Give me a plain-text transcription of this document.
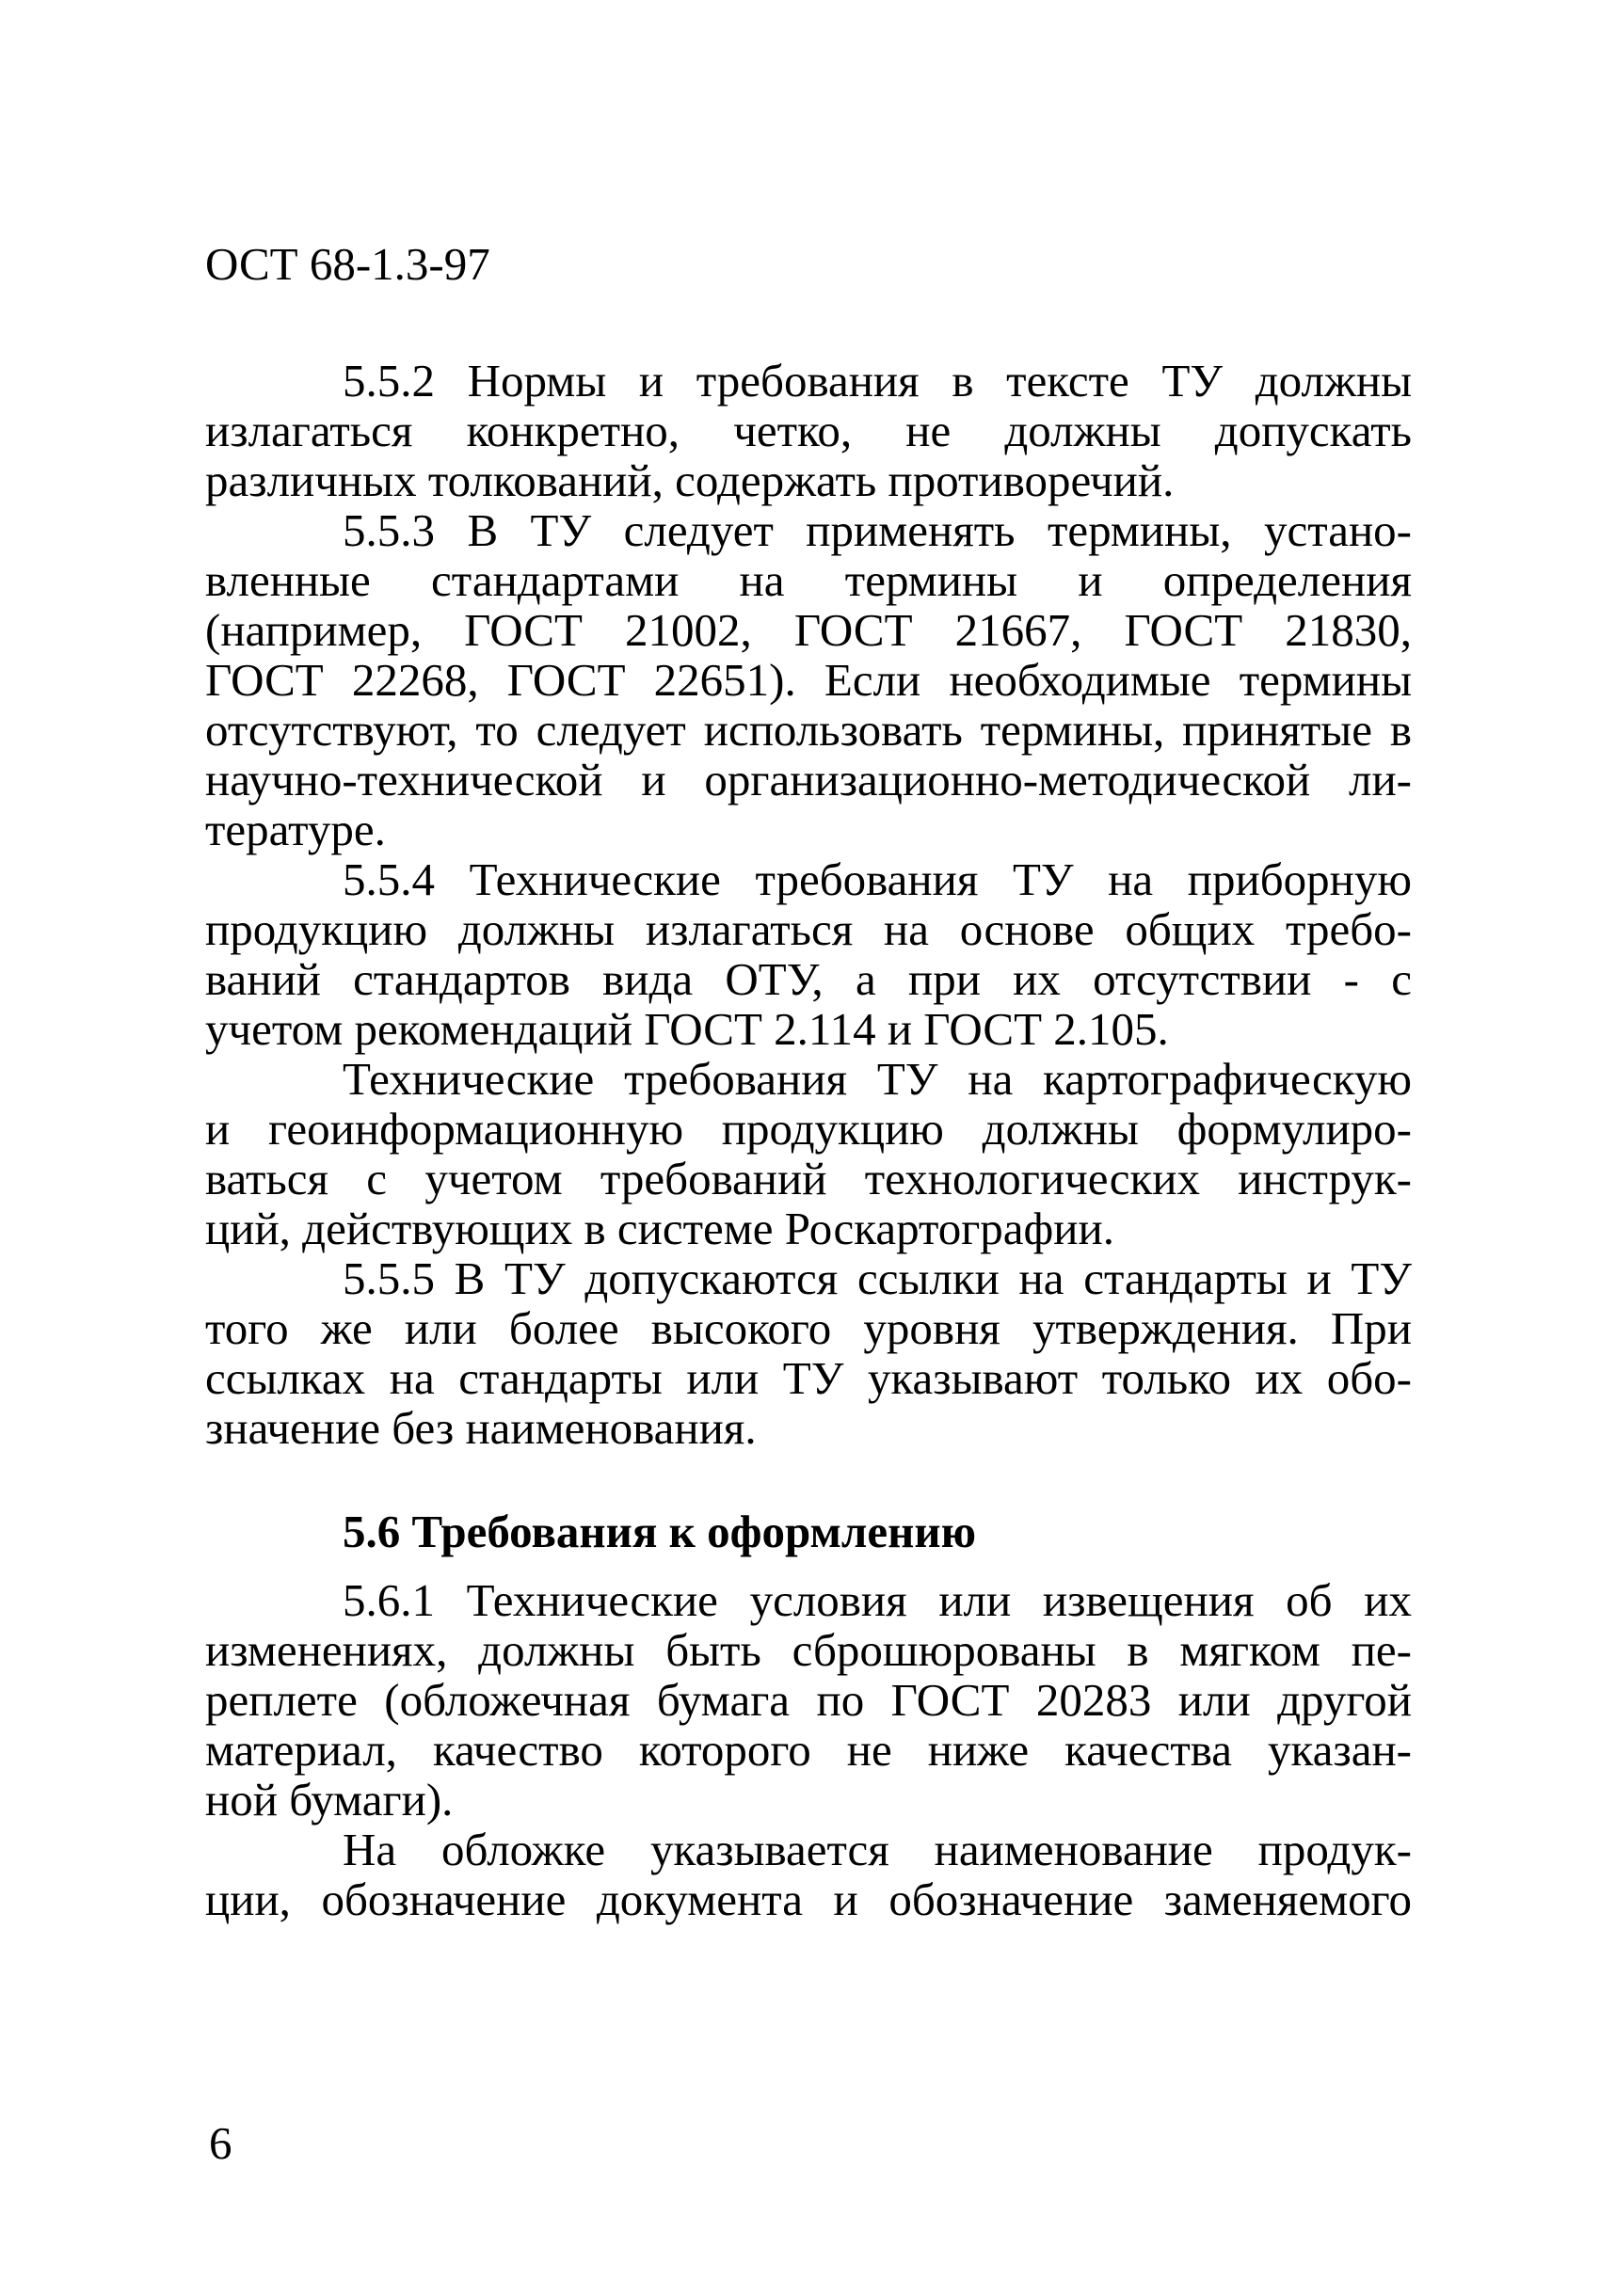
ОСТ 68-1.3-97
5.5.2 Нормы и требования в тексте ТУ должны
излагаться конкретно, четко, не должны допускать
различных толкований, содержать противоречий.
5.5.3 В ТУ следует применять термины, устано-
вленные стандартами на термины и определения
(например, ГОСТ 21002, ГОСТ 21667, ГОСТ 21830,
ГОСТ 22268, ГОСТ 22651). Если необходимые термины
отсутствуют, то следует использовать термины, принятые в
научно-технической и организационно-методической ли-
тературе.
5.5.4 Технические требования ТУ на приборную
продукцию должны излагаться на основе общих требо-
ваний стандартов вида ОТУ, а при их отсутствии - с
учетом рекомендаций ГОСТ 2.114 и ГОСТ 2.105.
Технические требования ТУ на картографическую
и геоинформационную продукцию должны формулиро-
ваться с учетом требований технологических инструк-
ций, действующих в системе Роскартографии.
5.5.5 В ТУ допускаются ссылки на стандарты и ТУ
того же или более высокого уровня утверждения. При
ссылках на стандарты или ТУ указывают только их обо-
значение без наименования.
5.6 Требования к оформлению
5.6.1 Технические условия или извещения об их
изменениях, должны быть сброшюрованы в мягком пе-
реплете (обложечная бумага по ГОСТ 20283 или другой
материал, качество которого не ниже качества указан-
ной бумаги).
На обложке указывается наименование продук-
ции, обозначение документа и обозначение заменяемого
6
